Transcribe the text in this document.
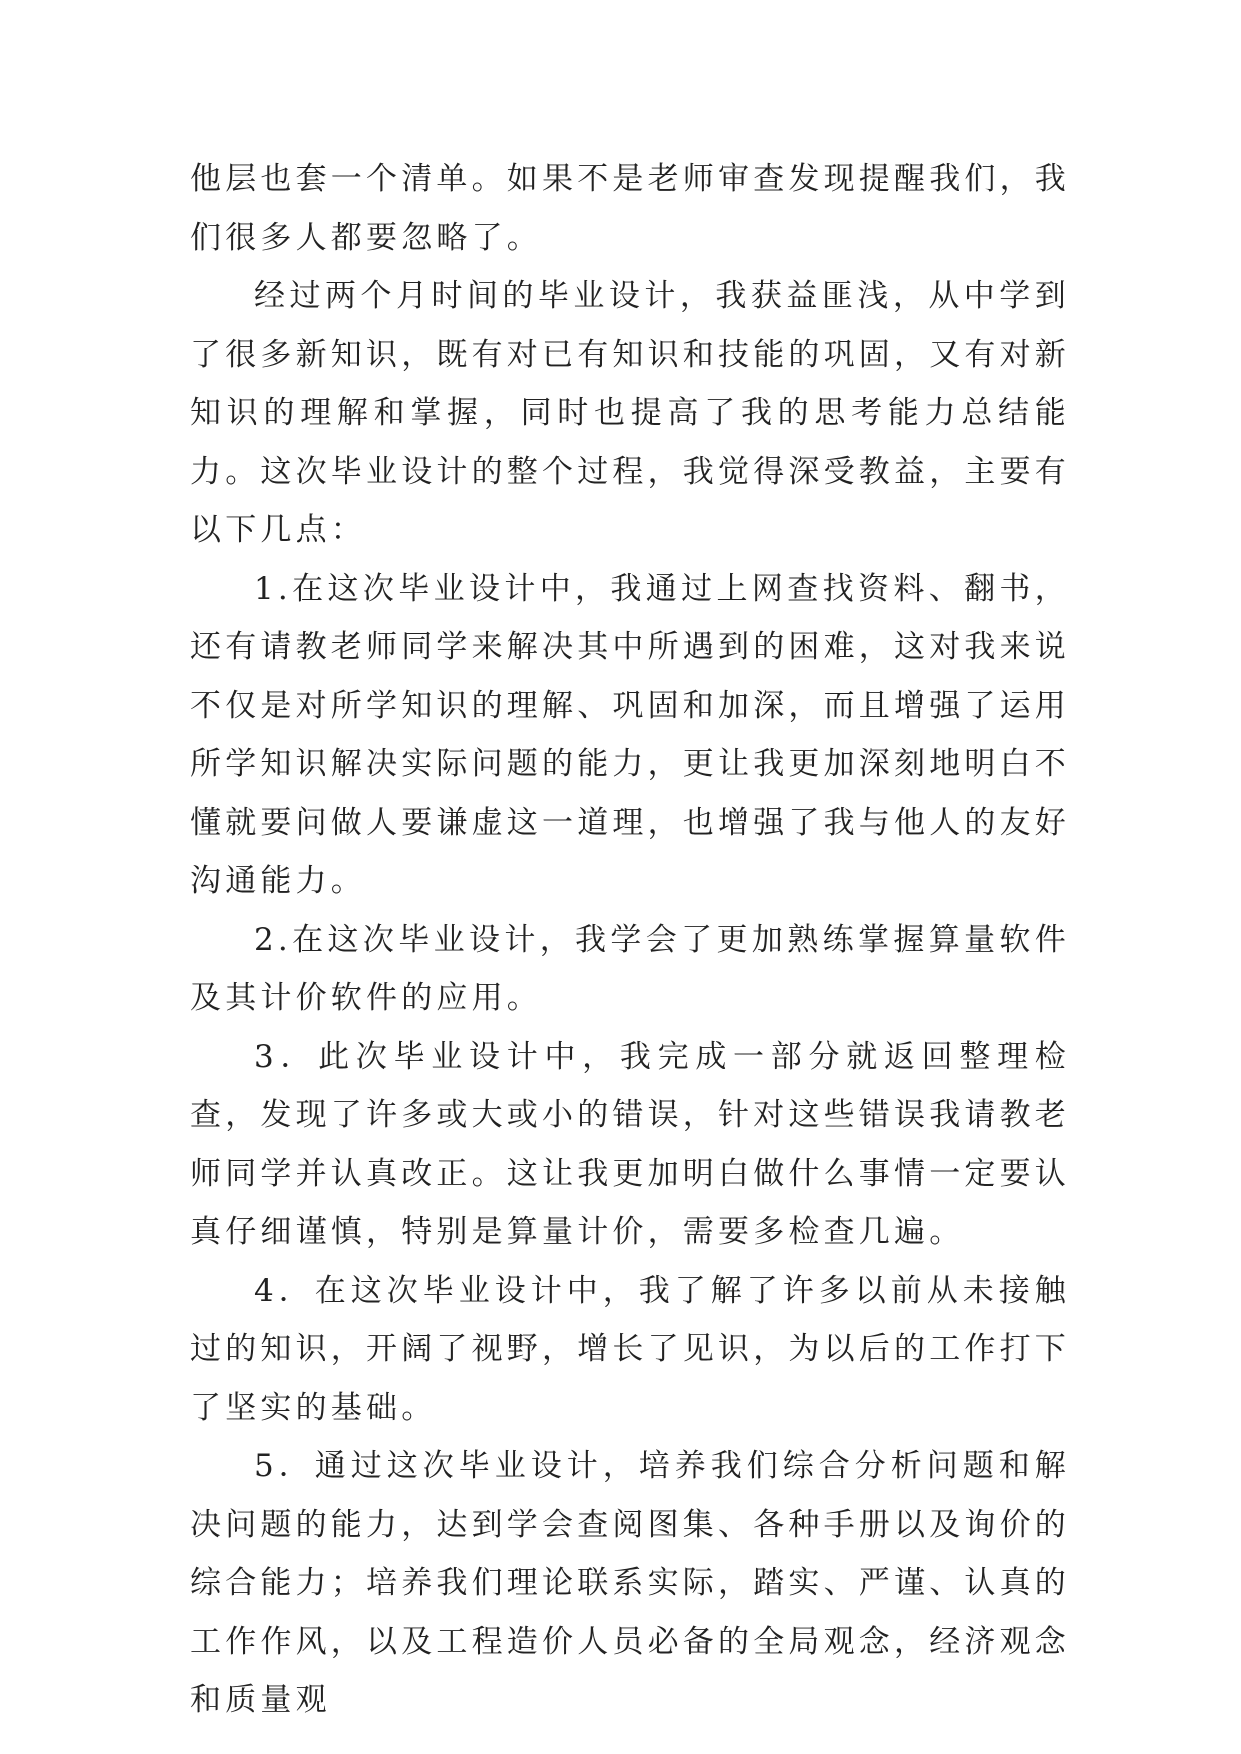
他层也套一个清单。如果不是老师审查发现提醒我们，我们很多人都要忽略了。

经过两个月时间的毕业设计，我获益匪浅，从中学到了很多新知识，既有对已有知识和技能的巩固，又有对新知识的理解和掌握，同时也提高了我的思考能力总结能力。这次毕业设计的整个过程，我觉得深受教益，主要有以下几点：

1.在这次毕业设计中，我通过上网查找资料、翻书，还有请教老师同学来解决其中所遇到的困难，这对我来说不仅是对所学知识的理解、巩固和加深，而且增强了运用所学知识解决实际问题的能力，更让我更加深刻地明白不懂就要问做人要谦虚这一道理，也增强了我与他人的友好沟通能力。

2.在这次毕业设计，我学会了更加熟练掌握算量软件及其计价软件的应用。

3．此次毕业设计中，我完成一部分就返回整理检查，发现了许多或大或小的错误，针对这些错误我请教老师同学并认真改正。这让我更加明白做什么事情一定要认真仔细谨慎，特别是算量计价，需要多检查几遍。

4．在这次毕业设计中，我了解了许多以前从未接触过的知识，开阔了视野，增长了见识，为以后的工作打下了坚实的基础。

5．通过这次毕业设计，培养我们综合分析问题和解决问题的能力，达到学会查阅图集、各种手册以及询价的综合能力；培养我们理论联系实际，踏实、严谨、认真的工作作风，以及工程造价人员必备的全局观念，经济观念和质量观
